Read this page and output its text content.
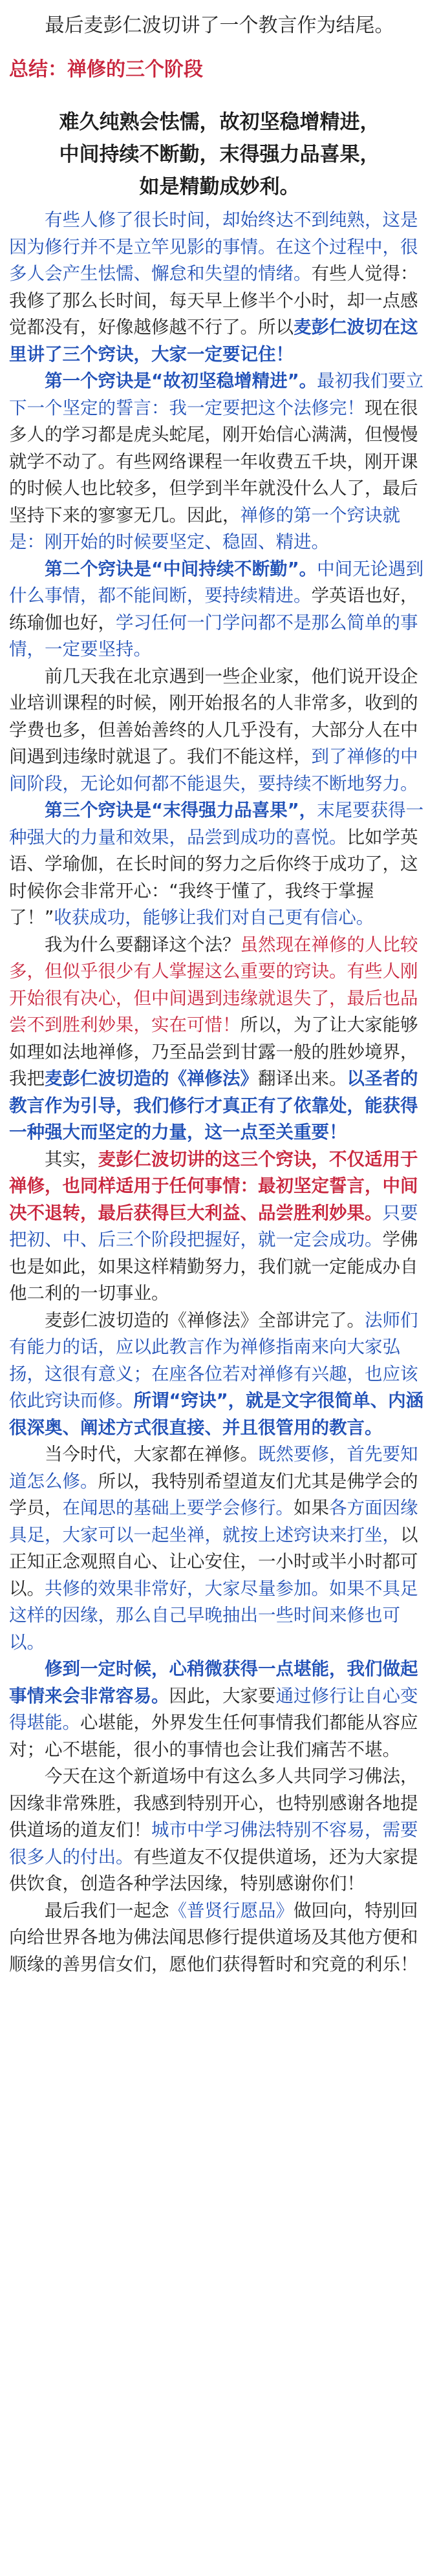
最后麦彭仁波切讲了一个教言作为结尾。
总结：禅修的三个阶段
难久纯熟会怯懦，故初坚稳增精进，
中间持续不断勤，末得强力品喜果，
如是精勤成妙利。

有些人修了很长时间，却始终达不到纯熟，这是因为修行并不是立竿见影的事情。在这个过程中，很多人会产生怯懦、懈怠和失望的情绪。有些人觉得：我修了那么长时间，每天早上修半个小时，却一点感觉都没有，好像越修越不行了。所以麦彭仁波切在这里讲了三个窍诀，大家一定要记住！

第一个窍诀是“故初坚稳增精进”。最初我们要立下一个坚定的誓言：我一定要把这个法修完！现在很多人的学习都是虎头蛇尾，刚开始信心满满，但慢慢就学不动了。有些网络课程一年收费五千块，刚开课的时候人也比较多，但学到半年就没什么人了，最后坚持下来的寥寥无几。因此，禅修的第一个窍诀就是：刚开始的时候要坚定、稳固、精进。

第二个窍诀是“中间持续不断勤”。中间无论遇到什么事情，都不能间断，要持续精进。学英语也好，练瑜伽也好，学习任何一门学问都不是那么简单的事情，一定要坚持。

前几天我在北京遇到一些企业家，他们说开设企业培训课程的时候，刚开始报名的人非常多，收到的学费也多，但善始善终的人几乎没有，大部分人在中间遇到违缘时就退了。我们不能这样，到了禅修的中间阶段，无论如何都不能退失，要持续不断地努力。

第三个窍诀是“末得强力品喜果”，末尾要获得一种强大的力量和效果，品尝到成功的喜悦。比如学英语、学瑜伽，在长时间的努力之后你终于成功了，这时候你会非常开心：“我终于懂了，我终于掌握了！”收获成功，能够让我们对自己更有信心。

我为什么要翻译这个法？虽然现在禅修的人比较多，但似乎很少有人掌握这么重要的窍诀。有些人刚开始很有决心，但中间遇到违缘就退失了，最后也品尝不到胜利妙果，实在可惜！所以，为了让大家能够如理如法地禅修，乃至品尝到甘露一般的胜妙境界，我把麦彭仁波切造的《禅修法》翻译出来。以圣者的教言作为引导，我们修行才真正有了依靠处，能获得一种强大而坚定的力量，这一点至关重要！

其实，麦彭仁波切讲的这三个窍诀，不仅适用于禅修，也同样适用于任何事情：最初坚定誓言，中间决不退转，最后获得巨大利益、品尝胜利妙果。只要把初、中、后三个阶段把握好，就一定会成功。学佛也是如此，如果这样精勤努力，我们就一定能成办自他二利的一切事业。

麦彭仁波切造的《禅修法》全部讲完了。法师们有能力的话，应以此教言作为禅修指南来向大家弘扬，这很有意义；在座各位若对禅修有兴趣，也应该依此窍诀而修。所谓“窍诀”，就是文字很简单、内涵很深奥、阐述方式很直接、并且很管用的教言。

当今时代，大家都在禅修。既然要修，首先要知道怎么修。所以，我特别希望道友们尤其是佛学会的学员，在闻思的基础上要学会修行。如果各方面因缘具足，大家可以一起坐禅，就按上述窍诀来打坐，以正知正念观照自心、让心安住，一小时或半小时都可以。共修的效果非常好，大家尽量参加。如果不具足这样的因缘，那么自己早晚抽出一些时间来修也可以。

修到一定时候，心稍微获得一点堪能，我们做起事情来会非常容易。因此，大家要通过修行让自心变得堪能。心堪能，外界发生任何事情我们都能从容应对；心不堪能，很小的事情也会让我们痛苦不堪。

今天在这个新道场中有这么多人共同学习佛法，因缘非常殊胜，我感到特别开心，也特别感谢各地提供道场的道友们！城市中学习佛法特别不容易，需要很多人的付出。有些道友不仅提供道场，还为大家提供饮食，创造各种学法因缘，特别感谢你们！

最后我们一起念《普贤行愿品》做回向，特别回向给世界各地为佛法闻思修行提供道场及其他方便和顺缘的善男信女们，愿他们获得暂时和究竟的利乐！
